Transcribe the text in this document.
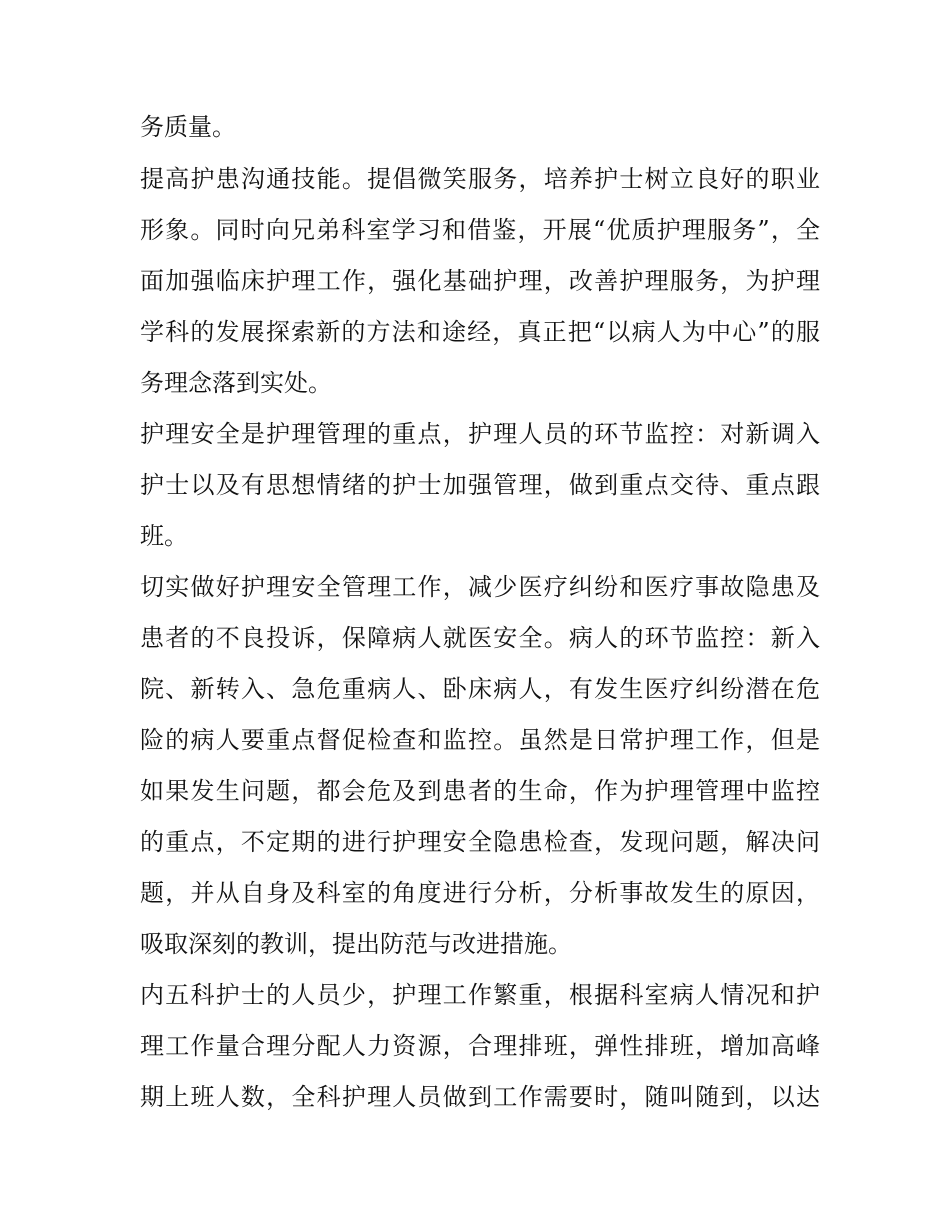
务质量。

提高护患沟通技能。提倡微笑服务，培养护士树立良好的职业

形象。同时向兄弟科室学习和借鉴，开展“优质护理服务”，全

面加强临床护理工作，强化基础护理，改善护理服务，为护理

学科的发展探索新的方法和途经，真正把“以病人为中心”的服

务理念落到实处。

护理安全是护理管理的重点，护理人员的环节监控：对新调入

护士以及有思想情绪的护士加强管理，做到重点交待、重点跟

班。

切实做好护理安全管理工作，减少医疗纠纷和医疗事故隐患及

患者的不良投诉，保障病人就医安全。病人的环节监控：新入

院、新转入、急危重病人、卧床病人，有发生医疗纠纷潜在危

险的病人要重点督促检查和监控。虽然是日常护理工作，但是

如果发生问题，都会危及到患者的生命，作为护理管理中监控

的重点，不定期的进行护理安全隐患检查，发现问题，解决问

题，并从自身及科室的角度进行分析，分析事故发生的原因，

吸取深刻的教训，提出防范与改进措施。

内五科护士的人员少，护理工作繁重，根据科室病人情况和护

理工作量合理分配人力资源，合理排班，弹性排班，增加高峰

期上班人数，全科护理人员做到工作需要时，随叫随到，以达
